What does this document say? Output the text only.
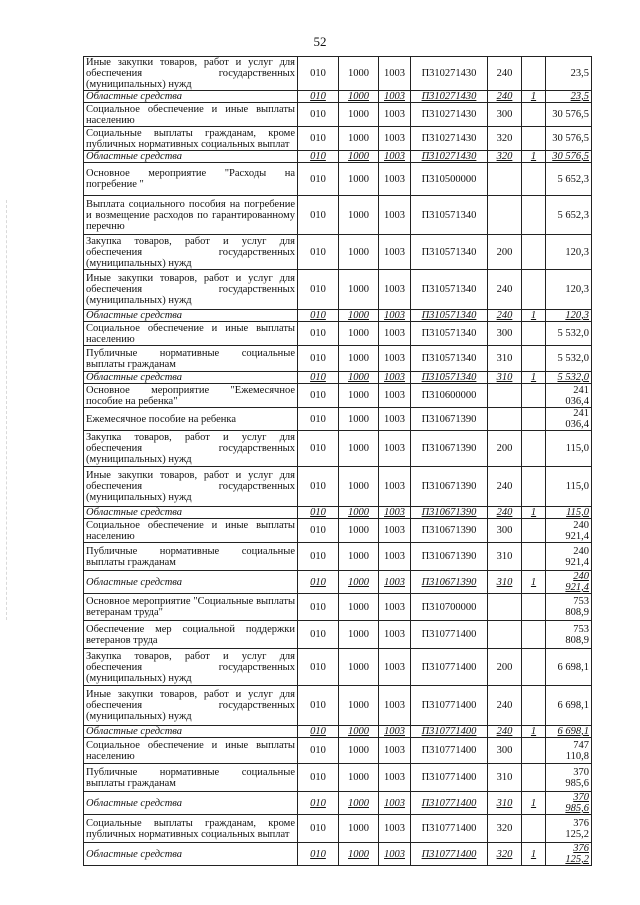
52
Иные закупки товаров, работ и услуг для обеспечения государственных (муниципальных) нужд	010	1000	1003	П310271430	240		23,5
Областные средства	010	1000	1003	П310271430	240	1	23,5
Социальное обеспечение и иные выплаты населению	010	1000	1003	П310271430	300		30 576,5
Социальные выплаты гражданам, кроме публичных нормативных социальных выплат	010	1000	1003	П310271430	320		30 576,5
Областные средства	010	1000	1003	П310271430	320	1	30 576,5
Основное мероприятие "Расходы на погребение "	010	1000	1003	П310500000			5 652,3
Выплата социального пособия на погребение и возмещение расходов по гарантированному перечню	010	1000	1003	П310571340			5 652,3
Закупка товаров, работ и услуг для обеспечения государственных (муниципальных) нужд	010	1000	1003	П310571340	200		120,3
Иные закупки товаров, работ и услуг для обеспечения государственных (муниципальных) нужд	010	1000	1003	П310571340	240		120,3
Областные средства	010	1000	1003	П310571340	240	1	120,3
Социальное обеспечение и иные выплаты населению	010	1000	1003	П310571340	300		5 532,0
Публичные нормативные социальные выплаты гражданам	010	1000	1003	П310571340	310		5 532,0
Областные средства	010	1000	1003	П310571340	310	1	5 532,0
Основное мероприятие "Ежемесячное пособие на ребенка"	010	1000	1003	П310600000			241 036,4
Ежемесячное пособие на ребенка	010	1000	1003	П310671390			241 036,4
Закупка товаров, работ и услуг для обеспечения государственных (муниципальных) нужд	010	1000	1003	П310671390	200		115,0
Иные закупки товаров, работ и услуг для обеспечения государственных (муниципальных) нужд	010	1000	1003	П310671390	240		115,0
Областные средства	010	1000	1003	П310671390	240	1	115,0
Социальное обеспечение и иные выплаты населению	010	1000	1003	П310671390	300		240 921,4
Публичные нормативные социальные выплаты гражданам	010	1000	1003	П310671390	310		240 921,4
Областные средства	010	1000	1003	П310671390	310	1	240 921,4
Основное мероприятие "Социальные выплаты ветеранам труда"	010	1000	1003	П310700000			753 808,9
Обеспечение мер социальной поддержки ветеранов труда	010	1000	1003	П310771400			753 808,9
Закупка товаров, работ и услуг для обеспечения государственных (муниципальных) нужд	010	1000	1003	П310771400	200		6 698,1
Иные закупки товаров, работ и услуг для обеспечения государственных (муниципальных) нужд	010	1000	1003	П310771400	240		6 698,1
Областные средства	010	1000	1003	П310771400	240	1	6 698,1
Социальное обеспечение и иные выплаты населению	010	1000	1003	П310771400	300		747 110,8
Публичные нормативные социальные выплаты гражданам	010	1000	1003	П310771400	310		370 985,6
Областные средства	010	1000	1003	П310771400	310	1	370 985,6
Социальные выплаты гражданам, кроме публичных нормативных социальных выплат	010	1000	1003	П310771400	320		376 125,2
Областные средства	010	1000	1003	П310771400	320	1	376 125,2
